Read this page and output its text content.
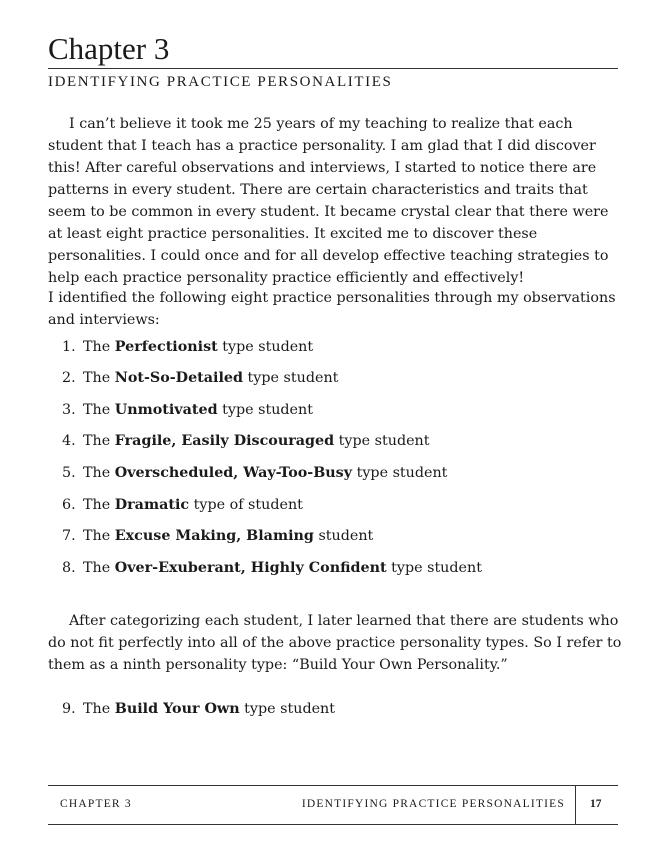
Chapter 3
IDENTIFYING PRACTICE PERSONALITIES

I can’t believe it took me 25 years of my teaching to realize that each student that I teach has a practice personality. I am glad that I did discover this! After careful observations and interviews, I started to notice there are patterns in every student. There are certain characteristics and traits that seem to be common in every student. It became crystal clear that there were at least eight practice personalities. It excited me to discover these personalities. I could once and for all develop effective teaching strategies to help each practice personality practice efficiently and effectively!

I identified the following eight practice personalities through my observations and interviews:

1. The Perfectionist type student

2. The Not-So-Detailed type student

3. The Unmotivated type student

4. The Fragile, Easily Discouraged type student

5. The Overscheduled, Way-Too-Busy type student

6. The Dramatic type of student

7. The Excuse Making, Blaming student

8. The Over-Exuberant, Highly Confident type student

After categorizing each student, I later learned that there are students who do not fit perfectly into all of the above practice personality types. So I refer to them as a ninth personality type: “Build Your Own Personality.”

9. The Build Your Own type student

CHAPTER 3	IDENTIFYING PRACTICE PERSONALITIES 17
